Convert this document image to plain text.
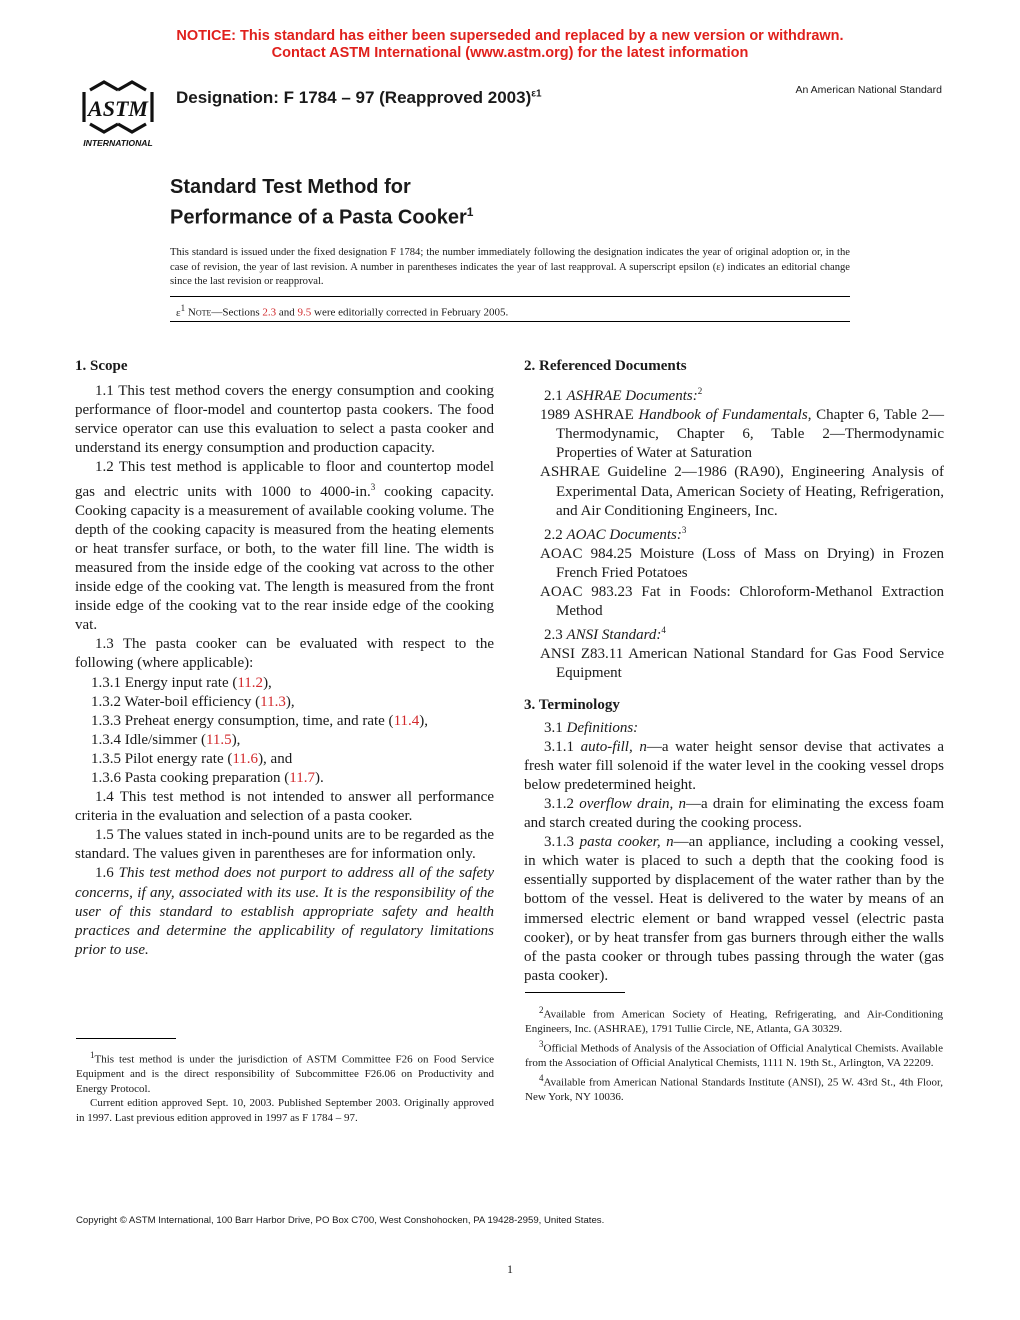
NOTICE: This standard has either been superseded and replaced by a new version or withdrawn.
Contact ASTM International (www.astm.org) for the latest information
ASTM
INTERNATIONAL
Designation: F 1784 – 97 (Reapproved 2003)$^{\varepsilon 1}$	An American National Standard
Standard Test Method for
Performance of a Pasta Cooker$^1$
This standard is issued under the fixed designation F 1784; the number immediately following the designation indicates the year of original adoption or, in the case of revision, the year of last revision. A number in parentheses indicates the year of last reapproval. A superscript epsilon (ε) indicates an editorial change since the last revision or reapproval.
$\varepsilon^1$ Note—Sections 2.3 and 9.5 were editorially corrected in February 2005.
1. Scope

1.1 This test method covers the energy consumption and cooking performance of floor-model and countertop pasta cookers. The food service operator can use this evaluation to select a pasta cooker and understand its energy consumption and production capacity.

1.2 This test method is applicable to floor and countertop model gas and electric units with 1000 to 4000-in.$^3$ cooking capacity. Cooking capacity is a measurement of available cooking volume. The depth of the cooking capacity is measured from the heating elements or heat transfer surface, or both, to the water fill line. The width is measured from the inside edge of the cooking vat across to the other inside edge of the cooking vat. The length is measured from the front inside edge of the cooking vat to the rear inside edge of the cooking vat.

1.3 The pasta cooker can be evaluated with respect to the following (where applicable):

1.3.1 Energy input rate (11.2),

1.3.2 Water-boil efficiency (11.3),

1.3.3 Preheat energy consumption, time, and rate (11.4),

1.3.4 Idle/simmer (11.5),

1.3.5 Pilot energy rate (11.6), and

1.3.6 Pasta cooking preparation (11.7).

1.4 This test method is not intended to answer all performance criteria in the evaluation and selection of a pasta cooker.

1.5 The values stated in inch-pound units are to be regarded as the standard. The values given in parentheses are for information only.

1.6 This test method does not purport to address all of the safety concerns, if any, associated with its use. It is the responsibility of the user of this standard to establish appropriate safety and health practices and determine the applicability of regulatory limitations prior to use.

$^1$This test method is under the jurisdiction of ASTM Committee F26 on Food Service Equipment and is the direct responsibility of Subcommittee F26.06 on Productivity and Energy Protocol.

Current edition approved Sept. 10, 2003. Published September 2003. Originally approved in 1997. Last previous edition approved in 1997 as F 1784 – 97.

2. Referenced Documents

2.1 ASHRAE Documents:$^2$

1989 ASHRAE Handbook of Fundamentals, Chapter 6, Table 2—Thermodynamic, Chapter 6, Table 2—Thermodynamic Properties of Water at Saturation

ASHRAE Guideline 2—1986 (RA90), Engineering Analysis of Experimental Data, American Society of Heating, Refrigeration, and Air Conditioning Engineers, Inc.

2.2 AOAC Documents:$^3$

AOAC 984.25 Moisture (Loss of Mass on Drying) in Frozen French Fried Potatoes

AOAC 983.23 Fat in Foods: Chloroform-Methanol Extraction Method

2.3 ANSI Standard:$^4$

ANSI Z83.11 American National Standard for Gas Food Service Equipment

3. Terminology

3.1 Definitions:

3.1.1 auto-fill, n—a water height sensor devise that activates a fresh water fill solenoid if the water level in the cooking vessel drops below predetermined height.

3.1.2 overflow drain, n—a drain for eliminating the excess foam and starch created during the cooking process.

3.1.3 pasta cooker, n—an appliance, including a cooking vessel, in which water is placed to such a depth that the cooking food is essentially supported by displacement of the water rather than by the bottom of the vessel. Heat is delivered to the water by means of an immersed electric element or band wrapped vessel (electric pasta cooker), or by heat transfer from gas burners through either the walls of the pasta cooker or through tubes passing through the water (gas pasta cooker).

$^2$Available from American Society of Heating, Refrigerating, and Air-Conditioning Engineers, Inc. (ASHRAE), 1791 Tullie Circle, NE, Atlanta, GA 30329.

$^3$Official Methods of Analysis of the Association of Official Analytical Chemists. Available from the Association of Official Analytical Chemists, 1111 N. 19th St., Arlington, VA 22209.

$^4$Available from American National Standards Institute (ANSI), 25 W. 43rd St., 4th Floor, New York, NY 10036.

Copyright © ASTM International, 100 Barr Harbor Drive, PO Box C700, West Conshohocken, PA 19428-2959, United States.
1
